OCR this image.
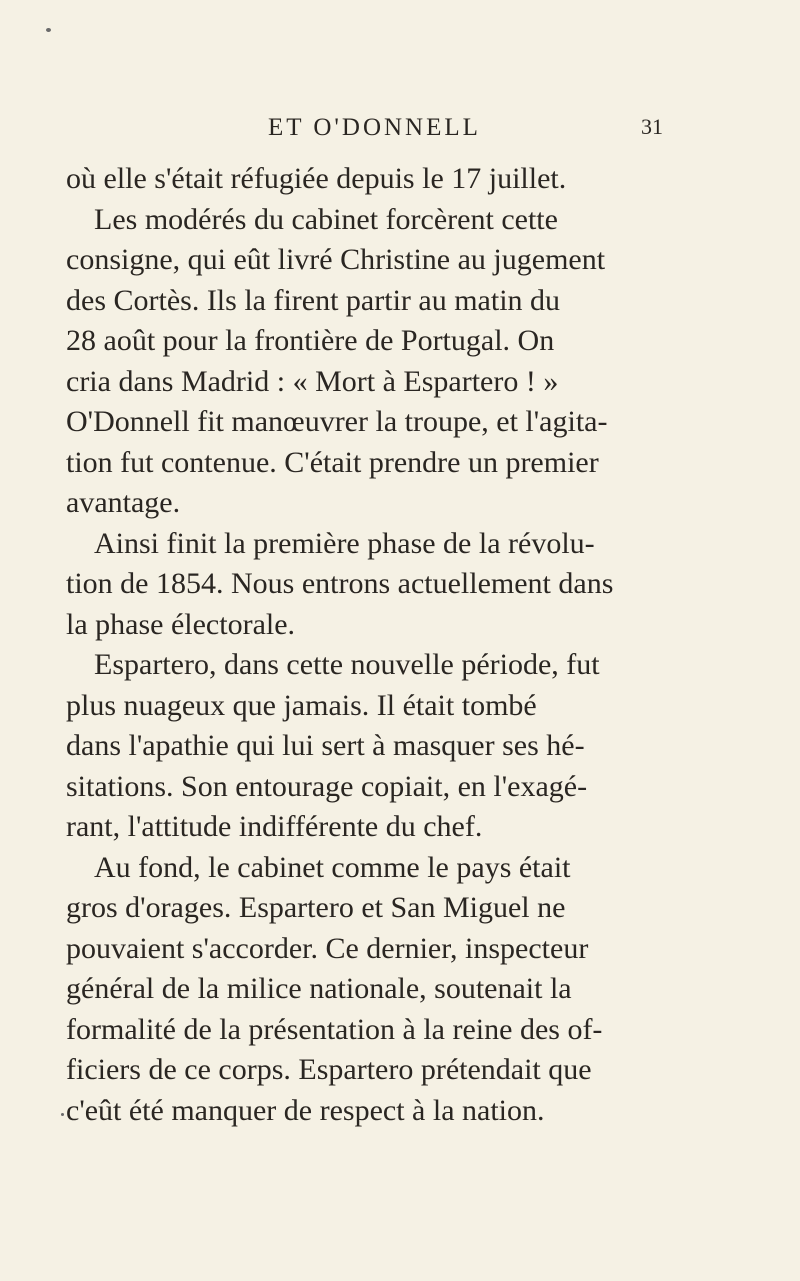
ET O'DONNELL	31
où elle s'était réfugiée depuis le 17 juillet.
Les modérés du cabinet forcèrent cette
consigne, qui eût livré Christine au jugement
des Cortès. Ils la firent partir au matin du
28 août pour la frontière de Portugal. On
cria dans Madrid : « Mort à Espartero ! »
O'Donnell fit manœuvrer la troupe, et l'agita-
tion fut contenue. C'était prendre un premier
avantage.
Ainsi finit la première phase de la révolu-
tion de 1854. Nous entrons actuellement dans
la phase électorale.
Espartero, dans cette nouvelle période, fut
plus nuageux que jamais. Il était tombé
dans l'apathie qui lui sert à masquer ses hé-
sitations. Son entourage copiait, en l'exagé-
rant, l'attitude indifférente du chef.
Au fond, le cabinet comme le pays était
gros d'orages. Espartero et San Miguel ne
pouvaient s'accorder. Ce dernier, inspecteur
général de la milice nationale, soutenait la
formalité de la présentation à la reine des of-
ficiers de ce corps. Espartero prétendait que
c'eût été manquer de respect à la nation.
